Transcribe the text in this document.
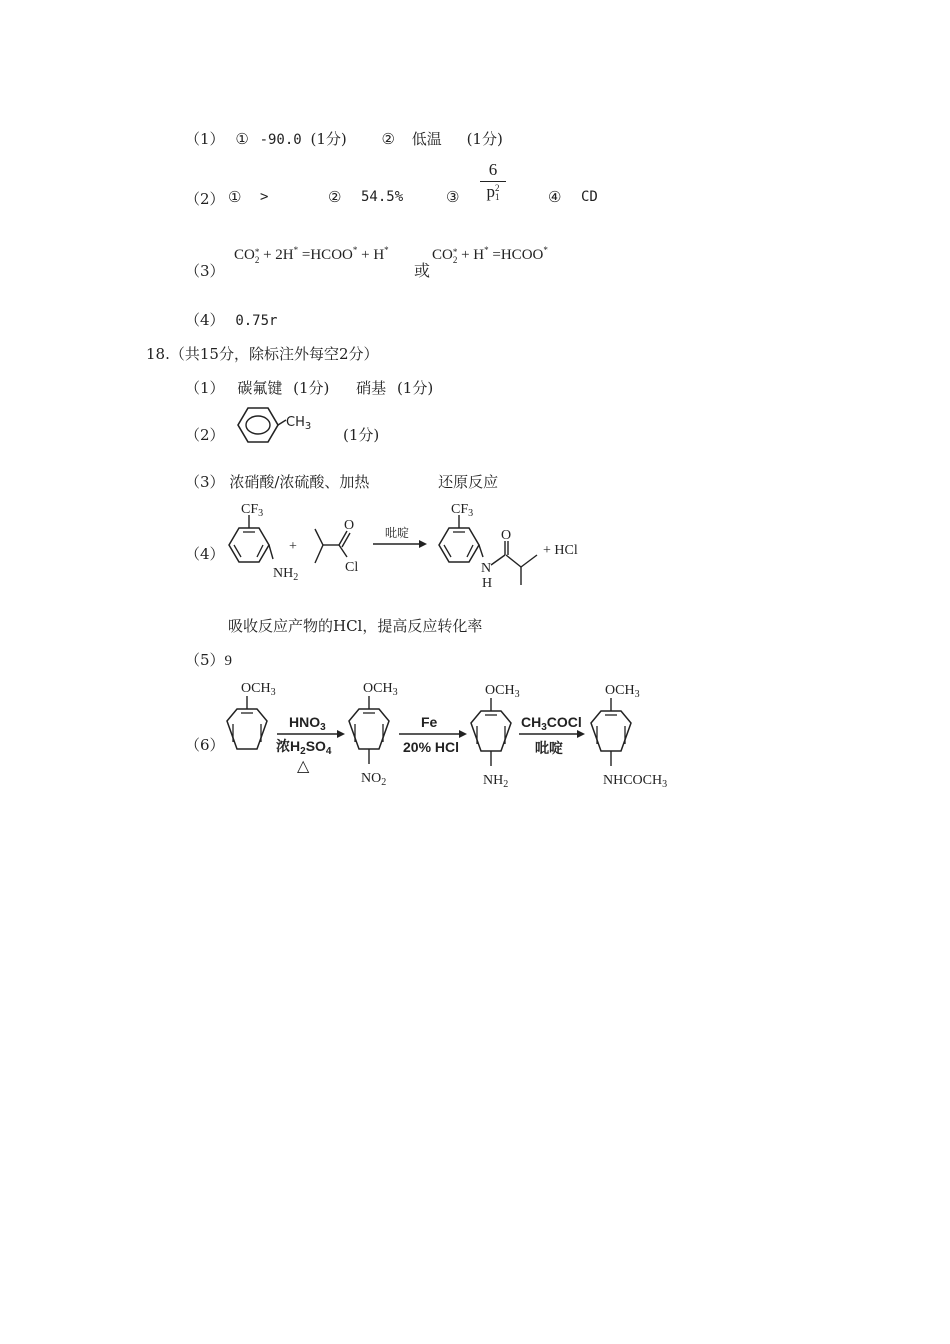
（1） ① -90.0 (1分) ② 低温 (1分)
（2） ① >	② 54.5%	③
6
p 2
1	④ CD
（3）
CO *
2 + 2H* =HCOO* + H*
或
CO *
2 + H* =HCOO*
（4） 0.75r
18.（共15分，除标注外每空2分）
（1） 碳氟键 (1分) 硝基 (1分)
（2）
$CH_3$ (1分)
（3） 浓硝酸/浓硫酸、加热	还原反应
（4）
$CF_3$
$NH_2$
+
O
Cl
吡啶
$CF_3$
N
H
O
+ HCl
吸收反应产物的HCl，提高反应转化率
（5）9
（6）
$OCH_3$
$HNO_3$
浓$H_2SO_4$
△
$OCH_3$
$NO_2$
Fe
20% HCl
$OCH_3$
$NH_2$
$CH_3COCl$
吡啶
$OCH_3$
$NHCOCH_3$
